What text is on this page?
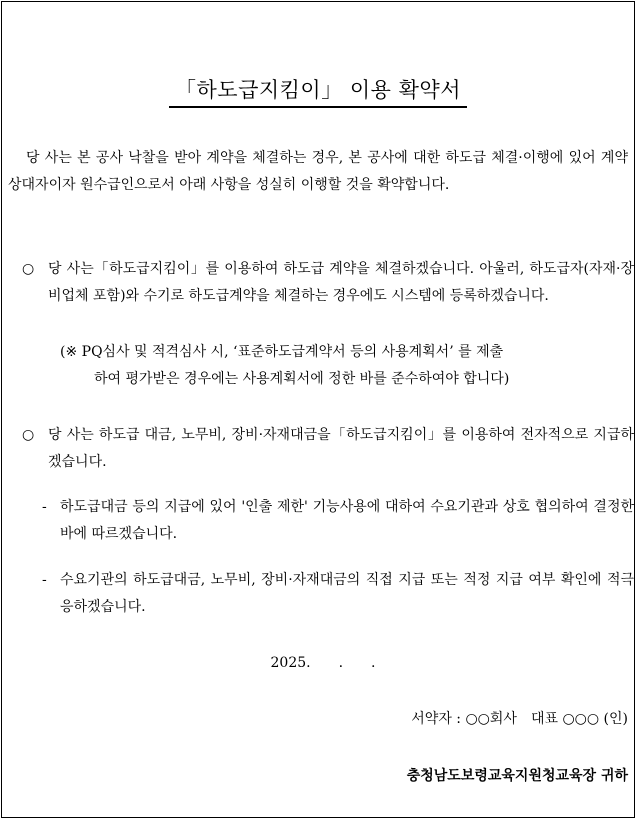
「하도급지킴이」 이용 확약서

당 사는 본 공사 낙찰을 받아 계약을 체결하는 경우, 본 공사에 대한 하도급 체결·이행에 있어 계약상대자이자 원수급인으로서 아래 사항을 성실히 이행할 것을 확약합니다.

○ 당 사는「하도급지킴이」를 이용하여 하도급 계약을 체결하겠습니다. 아울러, 하도급자(자재·장비업체 포함)와 수기로 하도급계약을 체결하는 경우에도 시스템에 등록하겠습니다.
(※ PQ심사 및 적격심사 시, ‘표준하도급계약서 등의 사용계획서’ 를 제출
하여 평가받은 경우에는 사용계획서에 정한 바를 준수하여야 합니다)
○ 당 사는 하도급 대금, 노무비, 장비·자재대금을「하도급지킴이」를 이용하여 전자적으로 지급하겠습니다.
- 하도급대금 등의 지급에 있어 '인출 제한' 기능사용에 대하여 수요기관과 상호 협의하여 결정한 바에 따르겠습니다.
- 수요기관의 하도급대금, 노무비, 장비·자재대금의 직접 지급 또는 적정 지급 여부 확인에 적극 응하겠습니다.
2025.　　.　　.
서약자 : ○○회사　대표 ○○○ (인)
충청남도보령교육지원청교육장 귀하
